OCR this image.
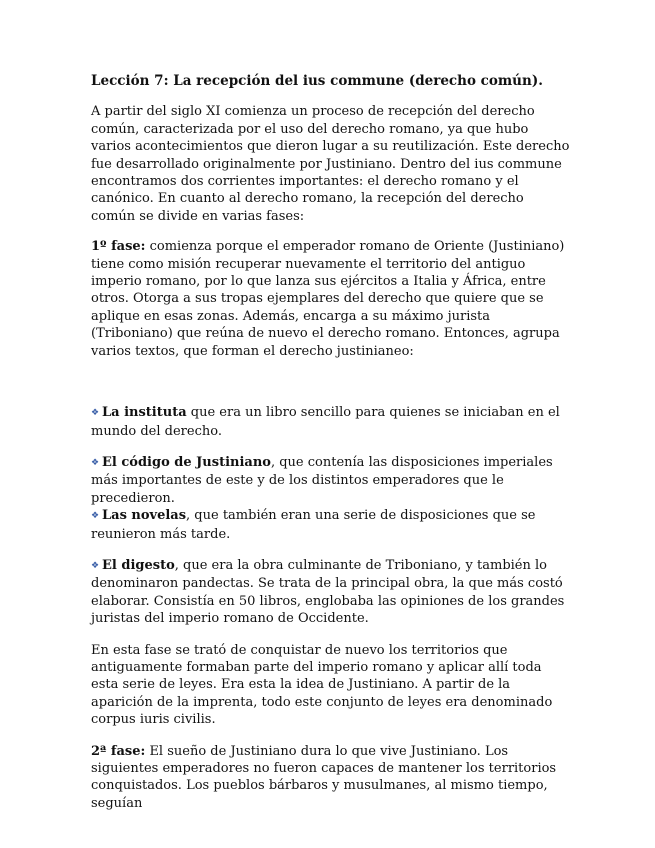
Lección 7: La recepción del ius commune (derecho común).

A partir del siglo XI comienza un proceso de recepción del derecho común, caracterizada por el uso del derecho romano, ya que hubo varios acontecimientos que dieron lugar a su reutilización. Este derecho fue desarrollado originalmente por Justiniano. Dentro del ius commune encontramos dos corrientes importantes: el derecho romano y el canónico. En cuanto al derecho romano, la recepción del derecho común se divide en varias fases:

1º fase: comienza porque el emperador romano de Oriente (Justiniano) tiene como misión recuperar nuevamente el territorio del antiguo imperio romano, por lo que lanza sus ejércitos a Italia y África, entre otros. Otorga a sus tropas ejemplares del derecho que quiere que se aplique en esas zonas. Además, encarga a su máximo jurista (Triboniano) que reúna de nuevo el derecho romano. Entonces, agrupa varios textos, que forman el derecho justinianeo:

❖ La instituta que era un libro sencillo para quienes se iniciaban en el mundo del derecho.

❖ El código de Justiniano, que contenía las disposiciones imperiales más importantes de este y de los distintos emperadores que le precedieron.

❖ Las novelas, que también eran una serie de disposiciones que se reunieron más tarde.

❖ El digesto, que era la obra culminante de Triboniano, y también lo denominaron pandectas. Se trata de la principal obra, la que más costó elaborar. Consistía en 50 libros, englobaba las opiniones de los grandes juristas del imperio romano de Occidente.

En esta fase se trató de conquistar de nuevo los territorios que antiguamente formaban parte del imperio romano y aplicar allí toda esta serie de leyes. Era esta la idea de Justiniano. A partir de la aparición de la imprenta, todo este conjunto de leyes era denominado corpus iuris civilis.

2ª fase: El sueño de Justiniano dura lo que vive Justiniano. Los siguientes emperadores no fueron capaces de mantener los territorios conquistados. Los pueblos bárbaros y musulmanes, al mismo tiempo, seguían
